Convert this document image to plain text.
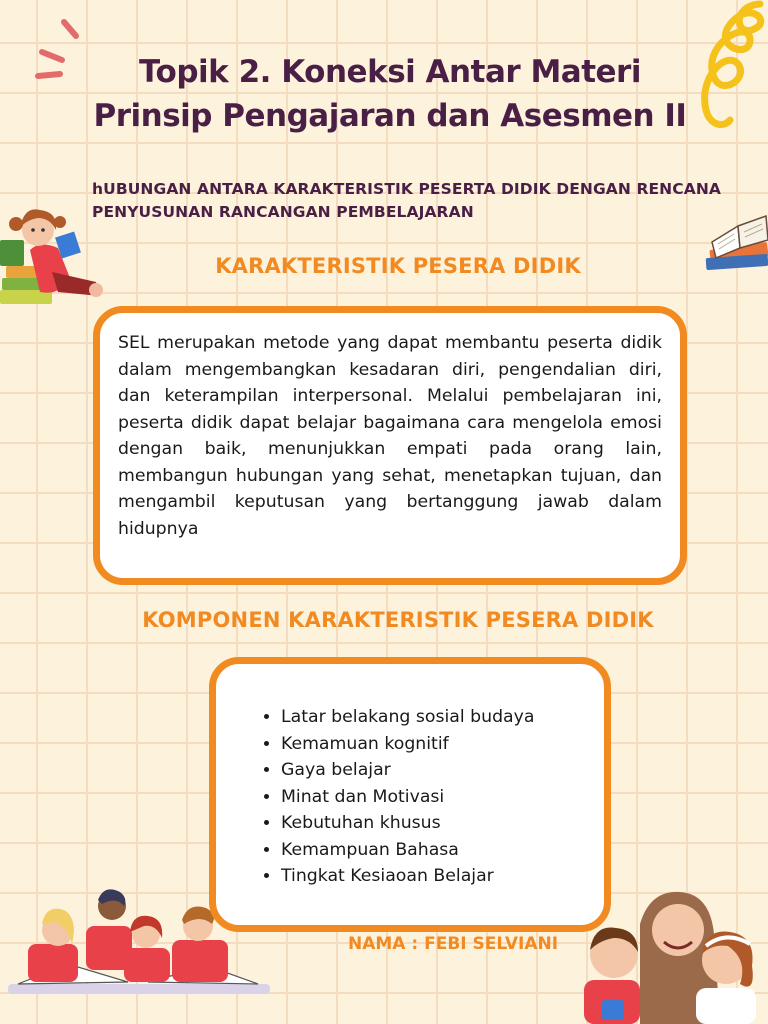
Topik 2. Koneksi Antar Materi
Prinsip Pengajaran dan Asesmen II
hUBUNGAN ANTARA KARAKTERISTIK PESERTA DIDIK DENGAN RENCANA
PENYUSUNAN RANCANGAN PEMBELAJARAN
KARAKTERISTIK PESERA DIDIK

SEL merupakan metode yang dapat membantu peserta didik dalam mengembangkan kesadaran diri, pengendalian diri, dan keterampilan interpersonal. Melalui pembelajaran ini, peserta didik dapat belajar bagaimana cara mengelola emosi dengan baik, menunjukkan empati pada orang lain, membangun hubungan yang sehat, menetapkan tujuan, dan mengambil keputusan yang bertanggung jawab dalam hidupnya

KOMPONEN KARAKTERISTIK PESERA DIDIK
• Latar belakang sosial budaya
• Kemamuan kognitif
• Gaya belajar
• Minat dan Motivasi
• Kebutuhan khusus
• Kemampuan Bahasa
• Tingkat Kesiaoan Belajar

NAMA : FEBI SELVIANI
